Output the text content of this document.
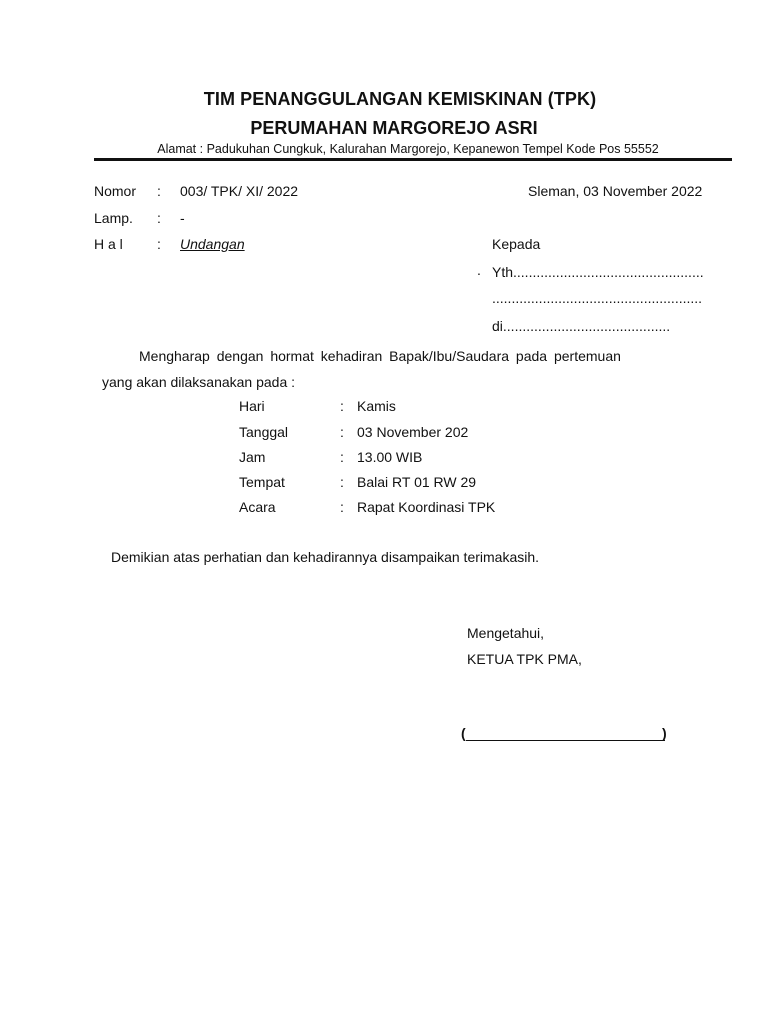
TIM PENANGGULANGAN KEMISKINAN (TPK)
PERUMAHAN MARGOREJO ASRI
Alamat : Padukuhan Cungkuk, Kalurahan Margorejo, Kepanewon Tempel Kode Pos 55552
Nomor : 003/ TPK/ XI/ 2022	Sleman, 03 November 2022
Lamp. : -
H a l : Undangan	Kepada
. Yth.................................................
......................................................
di...........................................
Mengharap dengan hormat kehadiran Bapak/Ibu/Saudara pada pertemuan
yang akan dilaksanakan pada :
Hari	: Kamis
Tanggal	: 03 November 202
Jam	: 13.00 WIB
Tempat	: Balai RT 01 RW 29
Acara	: Rapat Koordinasi TPK
Demikian atas perhatian dan kehadirannya disampaikan terimakasih.
Mengetahui,
KETUA TPK PMA,
(	)
